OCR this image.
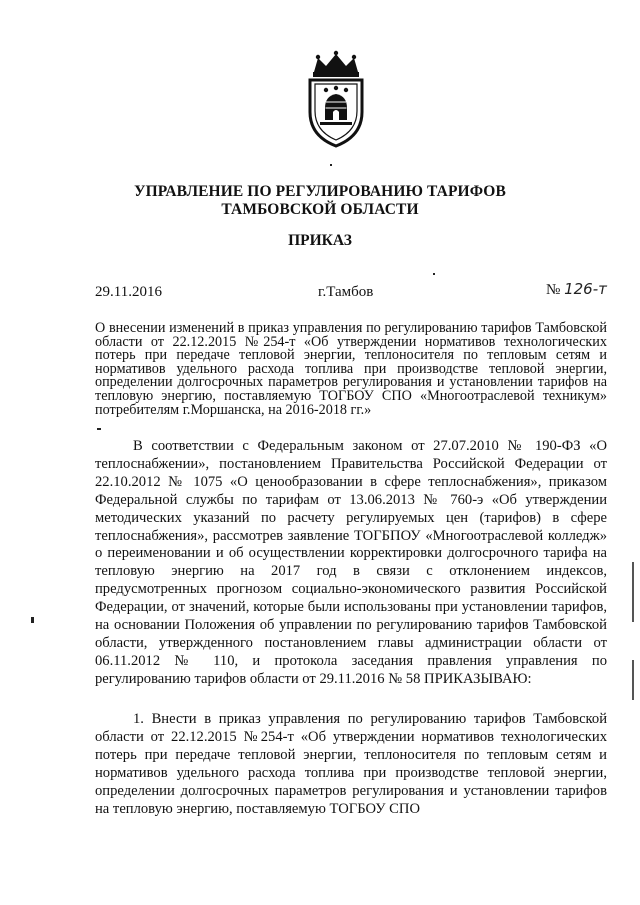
УПРАВЛЕНИЕ ПО РЕГУЛИРОВАНИЮ ТАРИФОВ
ТАМБОВСКОЙ ОБЛАСТИ
ПРИКАЗ
29.11.2016	г.Тамбов	№ 126-т
О внесении изменений в приказ управления по регулированию тарифов Тамбовской области от 22.12.2015 №254-т «Об утверждении нормативов технологических потерь при передаче тепловой энергии, теплоносителя по тепловым сетям и нормативов удельного расхода топлива при производстве тепловой энергии, определении долгосрочных параметров регулирования и установлении тарифов на тепловую энергию, поставляемую ТОГБОУ СПО «Многоотраслевой техникум» потребителям г.Моршанска, на 2016-2018 гг.»
В соответствии с Федеральным законом от 27.07.2010 № 190-ФЗ «О теплоснабжении», постановлением Правительства Российской Федерации от 22.10.2012 № 1075 «О ценообразовании в сфере теплоснабжения», приказом Федеральной службы по тарифам от 13.06.2013 № 760-э «Об утверждении методических указаний по расчету регулируемых цен (тарифов) в сфере теплоснабжения», рассмотрев заявление ТОГБПОУ «Многоотраслевой колледж» о переименовании и об осуществлении корректировки долгосрочного тарифа на тепловую энергию на 2017 год в связи с отклонением индексов, предусмотренных прогнозом социально-экономического развития Российской Федерации, от значений, которые были использованы при установлении тарифов, на основании Положения об управлении по регулированию тарифов Тамбовской области, утвержденного постановлением главы администрации области от 06.11.2012 № 110, и протокола заседания правления управления по регулированию тарифов области от 29.11.2016 № 58 ПРИКАЗЫВАЮ:
1. Внести в приказ управления по регулированию тарифов Тамбовской области от 22.12.2015 №254-т «Об утверждении нормативов технологических потерь при передаче тепловой энергии, теплоносителя по тепловым сетям и нормативов удельного расхода топлива при производстве тепловой энергии, определении долгосрочных параметров регулирования и установлении тарифов на тепловую энергию, поставляемую ТОГБОУ СПО
